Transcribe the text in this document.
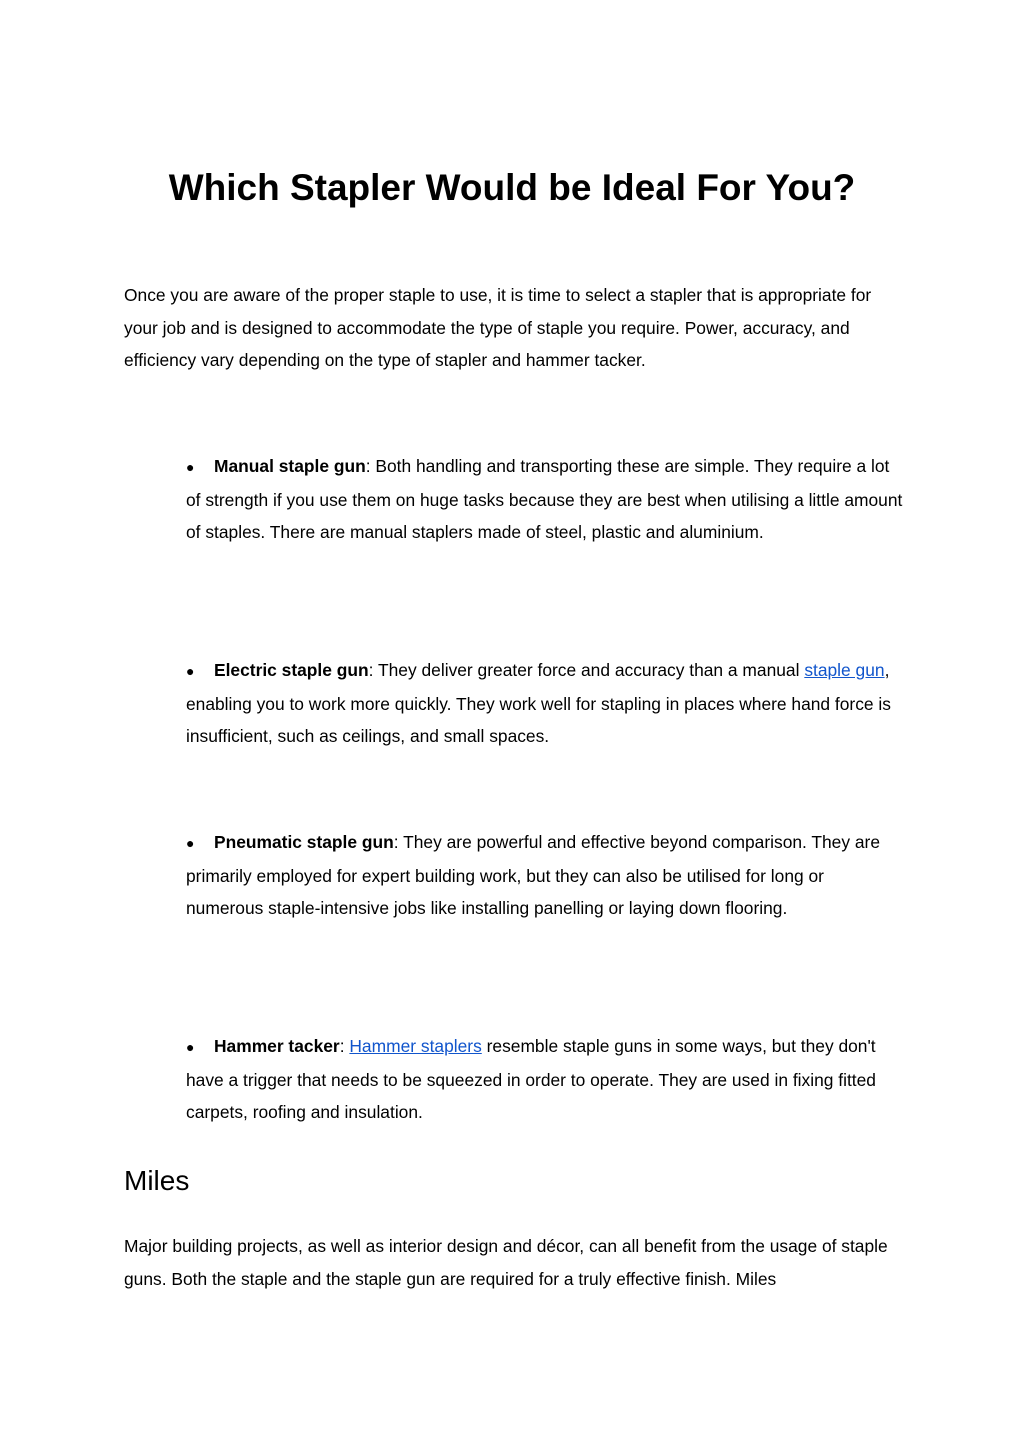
Which Stapler Would be Ideal For You?

Once you are aware of the proper staple to use, it is time to select a stapler that is appropriate for your job and is designed to accommodate the type of staple you require. Power, accuracy, and efficiency vary depending on the type of stapler and hammer tacker.

● Manual staple gun: Both handling and transporting these are simple. They require a lot of strength if you use them on huge tasks because they are best when utilising a little amount of staples. There are manual staplers made of steel, plastic and aluminium.

● Electric staple gun: They deliver greater force and accuracy than a manual staple gun, enabling you to work more quickly. They work well for stapling in places where hand force is insufficient, such as ceilings, and small spaces.

● Pneumatic staple gun: They are powerful and effective beyond comparison. They are primarily employed for expert building work, but they can also be utilised for long or numerous staple-intensive jobs like installing panelling or laying down flooring.

● Hammer tacker: Hammer staplers resemble staple guns in some ways, but they don't have a trigger that needs to be squeezed in order to operate. They are used in fixing fitted carpets, roofing and insulation.

Miles

Major building projects, as well as interior design and décor, can all benefit from the usage of staple guns. Both the staple and the staple gun are required for a truly effective finish. Miles
